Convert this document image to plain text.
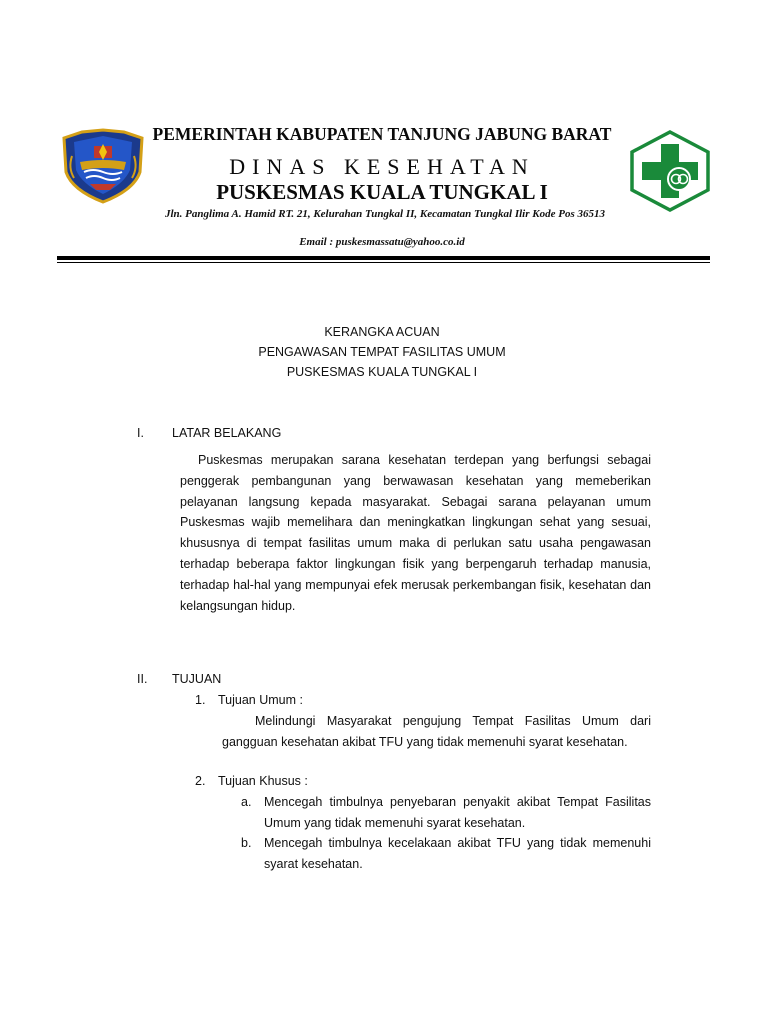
PEMERINTAH KABUPATEN TANJUNG JABUNG BARAT
DINAS KESEHATAN
PUSKESMAS KUALA TUNGKAL I
Jln. Panglima A. Hamid RT. 21, Kelurahan Tungkal II, Kecamatan Tungkal Ilir Kode Pos 36513
Email : puskesmassatu@yahoo.co.id
KERANGKA ACUAN
PENGAWASAN TEMPAT FASILITAS UMUM
PUSKESMAS KUALA TUNGKAL I
I. LATAR BELAKANG
Puskesmas merupakan sarana kesehatan terdepan yang berfungsi sebagai penggerak pembangunan yang berwawasan kesehatan yang memeberikan pelayanan langsung kepada masyarakat. Sebagai sarana pelayanan umum Puskesmas wajib memelihara dan meningkatkan lingkungan sehat yang sesuai, khususnya di tempat fasilitas umum maka di perlukan satu usaha pengawasan terhadap beberapa faktor lingkungan fisik yang berpengaruh terhadap manusia, terhadap hal-hal yang mempunyai efek merusak perkembangan fisik, kesehatan dan kelangsungan hidup.
II. TUJUAN
1. Tujuan Umum :
Melindungi Masyarakat pengujung Tempat Fasilitas Umum dari gangguan kesehatan akibat TFU yang tidak memenuhi syarat kesehatan.
2. Tujuan Khusus :
a. Mencegah timbulnya penyebaran penyakit akibat Tempat Fasilitas Umum yang tidak memenuhi syarat kesehatan.
b. Mencegah timbulnya kecelakaan akibat TFU yang tidak memenuhi syarat kesehatan.
